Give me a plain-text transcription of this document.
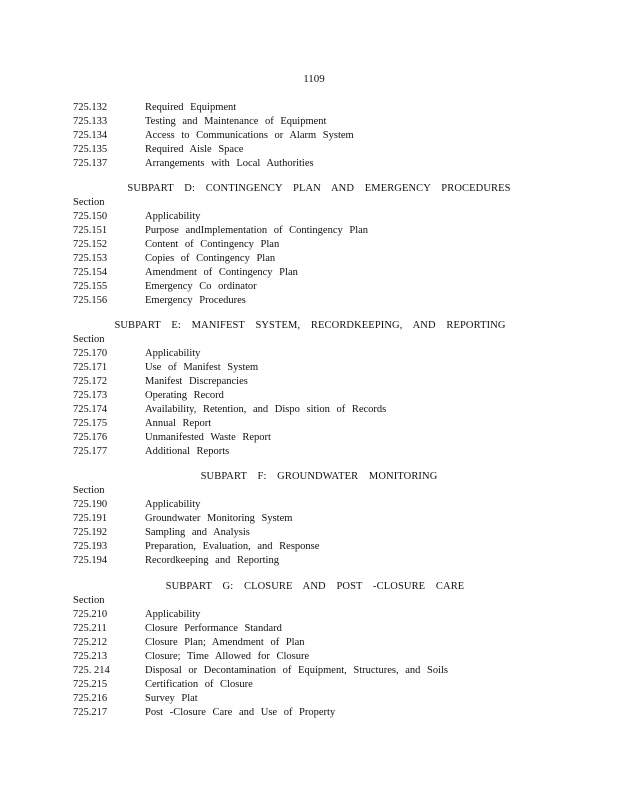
1109
725.132	Required Equipment
725.133	Testing and Maintenance of Equipment
725.134	Access to Communications or Alarm System
725.135	Required Aisle Space
725.137	Arrangements with Local Authorities
SUBPART D: CONTINGENCY PLAN AND EMERGENCY PROCEDURES
Section
725.150	Applicability
725.151	Purpose andImplementation of Contingency Plan
725.152	Content of Contingency Plan
725.153	Copies of Contingency Plan
725.154	Amendment of Contingency Plan
725.155	Emergency Co ordinator
725.156	Emergency Procedures
SUBPART E: MANIFEST SYSTEM, RECORDKEEPING, AND REPORTING
Section
725.170	Applicability
725.171	Use of Manifest System
725.172	Manifest Discrepancies
725.173	Operating Record
725.174	Availability, Retention, and Dispo sition of Records
725.175	Annual Report
725.176	Unmanifested Waste Report
725.177	Additional Reports
SUBPART F: GROUNDWATER MONITORING
Section
725.190	Applicability
725.191	Groundwater Monitoring System
725.192	Sampling and Analysis
725.193	Preparation, Evaluation, and Response
725.194	Recordkeeping and Reporting
SUBPART G: CLOSURE AND POST -CLOSURE CARE
Section
725.210	Applicability
725.211	Closure Performance Standard
725.212	Closure Plan; Amendment of Plan
725.213	Closure; Time Allowed for Closure
725. 214	Disposal or Decontamination of Equipment, Structures, and Soils
725.215	Certification of Closure
725.216	Survey Plat
725.217	Post -Closure Care and Use of Property
